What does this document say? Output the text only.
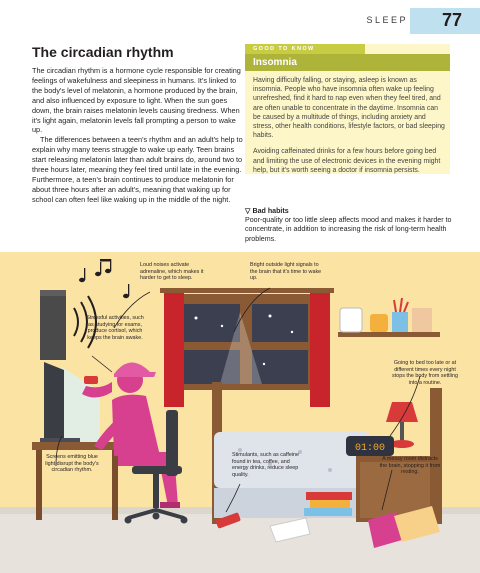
SLEEP 77
The circadian rhythm

The circadian rhythm is a hormone cycle responsible for creating feelings of wakefulness and sleepiness in humans. It's linked to the body's level of melatonin, a hormone produced by the brain, and also influenced by exposure to light. When the sun goes down, the brain raises melatonin levels causing tiredness. When it's light again, melatonin levels fall prompting a person to wake up.

The differences between a teen's rhythm and an adult's help to explain why many teens struggle to wake up early. Teen brains start releasing melatonin later than adult brains do, around two to three hours later, meaning they feel tired until late in the evening. Furthermore, a teen's brain continues to produce melatonin for about three hours after an adult's, meaning that waking up for school can often feel like waking up in the middle of the night.

GOOD TO KNOW
Insomnia

Having difficulty falling, or staying, asleep is known as insomnia. People who have insomnia often wake up feeling unrefreshed, find it hard to nap even when they feel tired, and are often unable to concentrate in the daytime. Insomnia can be caused by a multitude of things, including anxiety and stress, other health conditions, lifestyle factors, or bad sleeping habits.

Avoiding caffeinated drinks for a few hours before going bed and limiting the use of electronic devices in the evening might help, but it's worth seeing a doctor if insomnia persists.

▽ Bad habits
Poor-quality or too little sleep affects mood and makes it harder to concentrate, in addition to increasing the risk of long-term health problems.
01:00
Loud noises activate adrenaline, which makes it harder to get to sleep.
Bright outside light signals to the brain that it's time to wake up.
Stressful activities, such as studying for exams, produce cortisol, which keeps the brain awake.
Going to bed too late or at different times every night stops the body from settling into a routine.
Screens emitting blue light disrupt the body's circadian rhythm.
Stimulants, such as caffeine found in tea, coffee, and energy drinks, reduce sleep quality.
A messy room distracts the brain, stopping it from resting.
